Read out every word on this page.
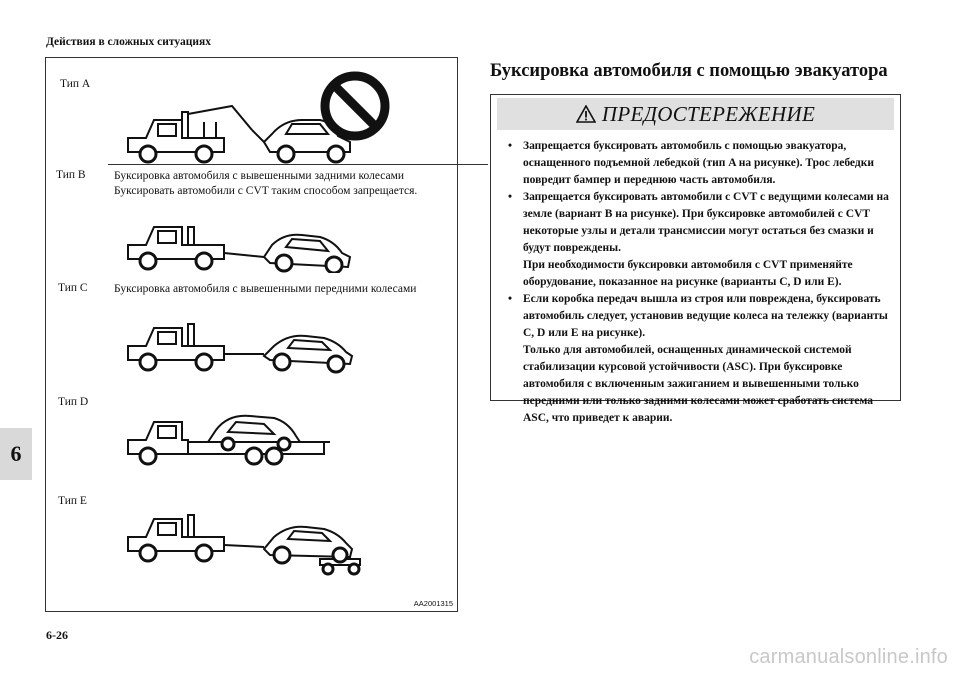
Действия в сложных ситуациях
6
6-26
Тип A
Тип B Буксировка автомобиля с вывешенными задними колесами Буксировать автомобили с CVT таким способом запрещается.
Тип C Буксировка автомобиля с вывешенными передними колесами
Тип D
Тип E
AA2001315
Буксировка автомобиля с помощью эвакуатора
ПРЕДОСТЕРЕЖЕНИЕ
• Запрещается буксировать автомобиль с помощью эвакуатора, оснащенного подъемной лебедкой (тип A на рисунке). Трос лебедки повредит бампер и переднюю часть автомобиля.
• Запрещается буксировать автомобили с CVT с ведущими колесами на земле (вариант B на рисунке). При буксировке автомобилей с CVT некоторые узлы и детали трансмиссии могут остаться без смазки и будут повреждены.
При необходимости буксировки автомобиля с CVT применяйте оборудование, показанное на рисунке (варианты C, D или E).
• Если коробка передач вышла из строя или повреждена, буксировать автомобиль следует, установив ведущие колеса на тележку (варианты C, D или E на рисунке).
Только для автомобилей, оснащенных динамической системой стабилизации курсовой устойчивости (ASC). При буксировке автомобиля с включенным зажиганием и вывешенными только передними или только задними колесами может сработать система ASC, что приведет к аварии.
carmanualsonline.info
